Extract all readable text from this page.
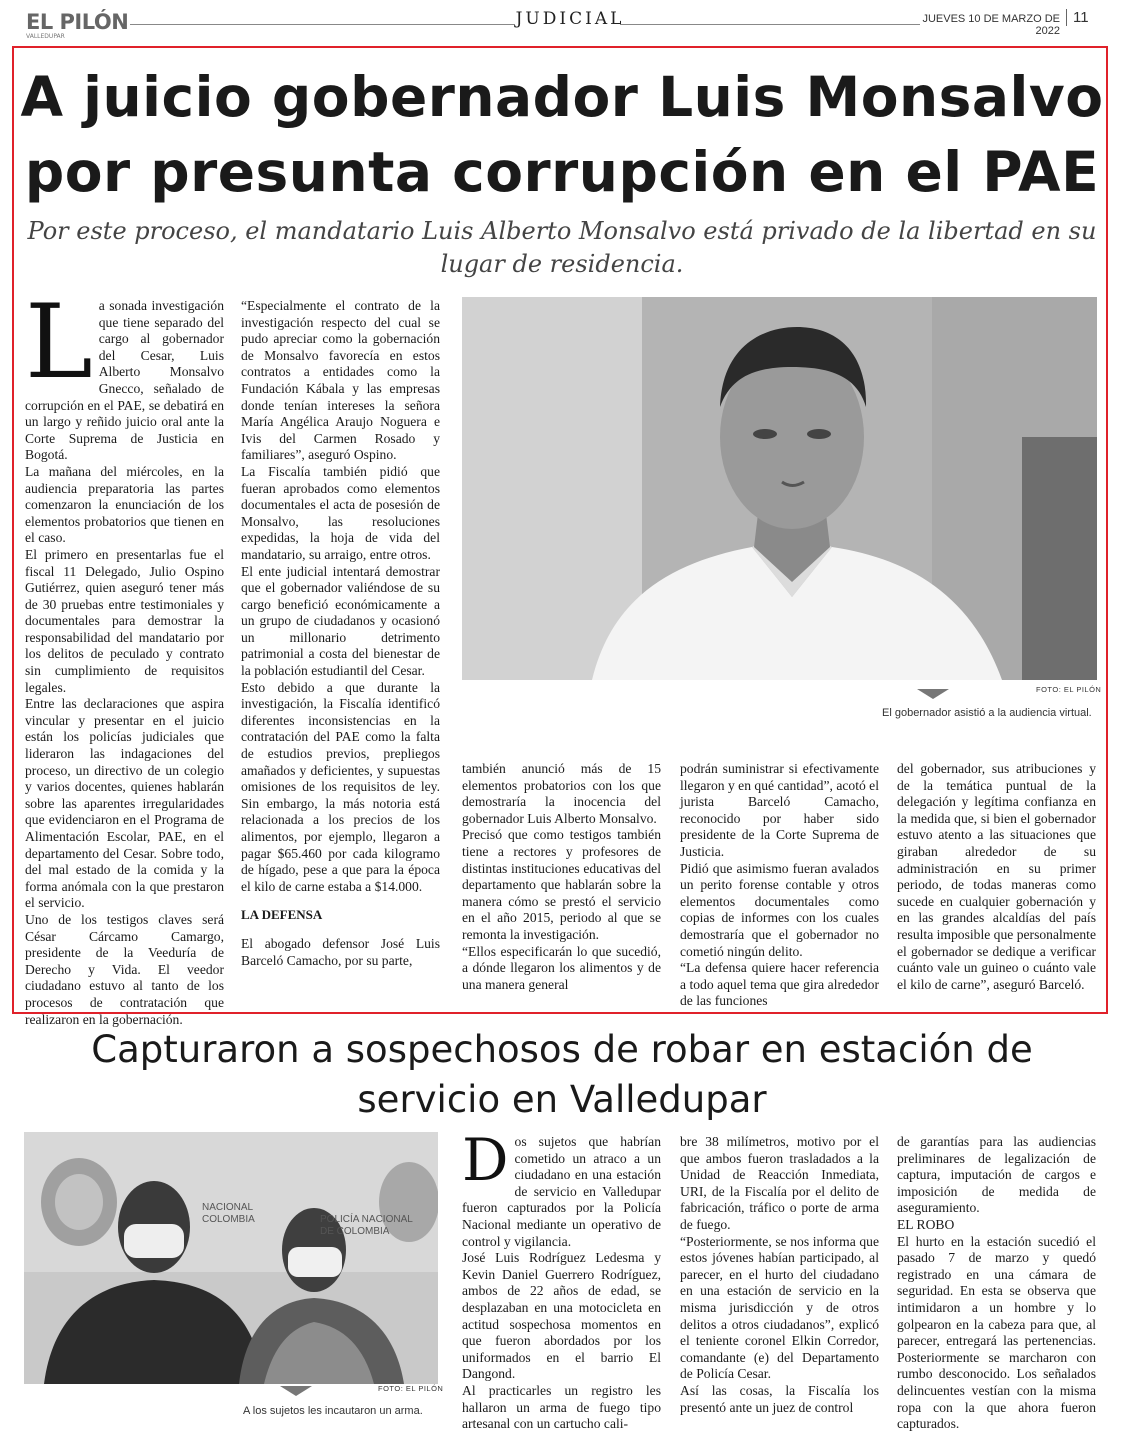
EL PILÓN
VALLEDUPAR
JUDICIAL	JUEVES 10 DE MARZO DE 2022
11
A juicio gobernador Luis Monsalvo
por presunta corrupción en el PAE
Por este proceso, el mandatario Luis Alberto Monsalvo está privado de la libertad en su
lugar de residencia.
L a sonada investigación que tiene separado del cargo al gobernador del Cesar, Luis Alberto Monsalvo Gnecco, señalado de corrupción en el PAE, se debatirá en un largo y reñido juicio oral ante la Corte Suprema de Justicia en Bogotá.

La mañana del miércoles, en la audiencia preparatoria las partes comenzaron la enunciación de los elementos probatorios que tienen en el caso.

El primero en presentarlas fue el fiscal 11 Delegado, Julio Ospino Gutiérrez, quien aseguró tener más de 30 pruebas entre testimoniales y documentales para demostrar la responsabilidad del mandatario por los delitos de peculado y contrato sin cumplimiento de requisitos legales.

Entre las declaraciones que aspira vincular y presentar en el juicio están los policías judiciales que lideraron las indagaciones del proceso, un directivo de un colegio y varios docentes, quienes hablarán sobre las aparentes irregularidades que evidenciaron en el Programa de Alimentación Escolar, PAE, en el departamento del Cesar. Sobre todo, del mal estado de la comida y la forma anómala con la que prestaron el servicio.

Uno de los testigos claves será César Cárcamo Camargo, presidente de la Veeduría de Derecho y Vida. El veedor ciudadano estuvo al tanto de los procesos de contratación que realizaron en la gobernación.

“Especialmente el contrato de la investigación respecto del cual se pudo apreciar como la gobernación de Monsalvo favorecía en estos contratos a entidades como la Fundación Kábala y las empresas donde tenían intereses la señora María Angélica Araujo Noguera e Ivis del Carmen Rosado y familiares”, aseguró Ospino.

La Fiscalía también pidió que fueran aprobados como elementos documentales el acta de posesión de Monsalvo, las resoluciones expedidas, la hoja de vida del mandatario, su arraigo, entre otros.

El ente judicial intentará demostrar que el gobernador valiéndose de su cargo benefició económicamente a un grupo de ciudadanos y ocasionó un millonario detrimento patrimonial a costa del bienestar de la población estudiantil del Cesar.

Esto debido a que durante la investigación, la Fiscalía identificó diferentes inconsistencias en la contratación del PAE como la falta de estudios previos, prepliegos amañados y deficientes, y supuestas omisiones de los requisitos de ley. Sin embargo, la más notoria está relacionada a los precios de los alimentos, por ejemplo, llegaron a pagar $65.460 por cada kilogramo de hígado, pese a que para la época el kilo de carne estaba a $14.000.

LA DEFENSA

El abogado defensor José Luis Barceló Camacho, por su parte,

FOTO: EL PILÓN
El gobernador asistió a la audiencia virtual.

también anunció más de 15 elementos probatorios con los que demostraría la inocencia del gobernador Luis Alberto Monsalvo.

Precisó que como testigos también tiene a rectores y profesores de distintas instituciones educativas del departamento que hablarán sobre la manera cómo se prestó el servicio en el año 2015, periodo al que se remonta la investigación.

“Ellos especificarán lo que sucedió, a dónde llegaron los alimentos y de una manera general

podrán suministrar si efectivamente llegaron y en qué cantidad”, acotó el jurista Barceló Camacho, reconocido por haber sido presidente de la Corte Suprema de Justicia.

Pidió que asimismo fueran avalados un perito forense contable y otros elementos documentales como copias de informes con los cuales demostraría que el gobernador no cometió ningún delito.

“La defensa quiere hacer referencia a todo aquel tema que gira alrededor de las funciones

del gobernador, sus atribuciones y de la temática puntual de la delegación y legítima confianza en la medida que, si bien el gobernador estuvo atento a las situaciones que giraban alrededor de su administración en su primer periodo, de todas maneras como sucede en cualquier gobernación y en las grandes alcaldías del país resulta imposible que personalmente el gobernador se dedique a verificar cuánto vale un guineo o cuánto vale el kilo de carne”, aseguró Barceló.

Capturaron a sospechosos de robar en estación de
servicio en Valledupar
NACIONAL
COLOMBIA	POLICÍA NACIONAL
DE COLOMBIA
FOTO: EL PILÓN
A los sujetos les incautaron un arma.
D os sujetos que habrían cometido un atraco a un ciudadano en una estación de servicio en Valledupar fueron capturados por la Policía Nacional mediante un operativo de control y vigilancia.

José Luis Rodríguez Ledesma y Kevin Daniel Guerrero Rodríguez, ambos de 22 años de edad, se desplazaban en una motocicleta en actitud sospechosa momentos en que fueron abordados por los uniformados en el barrio El Dangond.

Al practicarles un registro les hallaron un arma de fuego tipo artesanal con un cartucho cali-

bre 38 milímetros, motivo por el que ambos fueron trasladados a la Unidad de Reacción Inmediata, URI, de la Fiscalía por el delito de fabricación, tráfico o porte de arma de fuego.

“Posteriormente, se nos informa que estos jóvenes habían participado, al parecer, en el hurto del ciudadano en una estación de servicio en la misma jurisdicción y de otros delitos a otros ciudadanos”, explicó el teniente coronel Elkin Corredor, comandante (e) del Departamento de Policía Cesar.

Así las cosas, la Fiscalía los presentó ante un juez de control

de garantías para las audiencias preliminares de legalización de captura, imputación de cargos e imposición de medida de aseguramiento.

EL ROBO

El hurto en la estación sucedió el pasado 7 de marzo y quedó registrado en una cámara de seguridad. En esta se observa que intimidaron a un hombre y lo golpearon en la cabeza para que, al parecer, entregará las pertenencias. Posteriormente se marcharon con rumbo desconocido. Los señalados delincuentes vestían con la misma ropa con la que ahora fueron capturados.
